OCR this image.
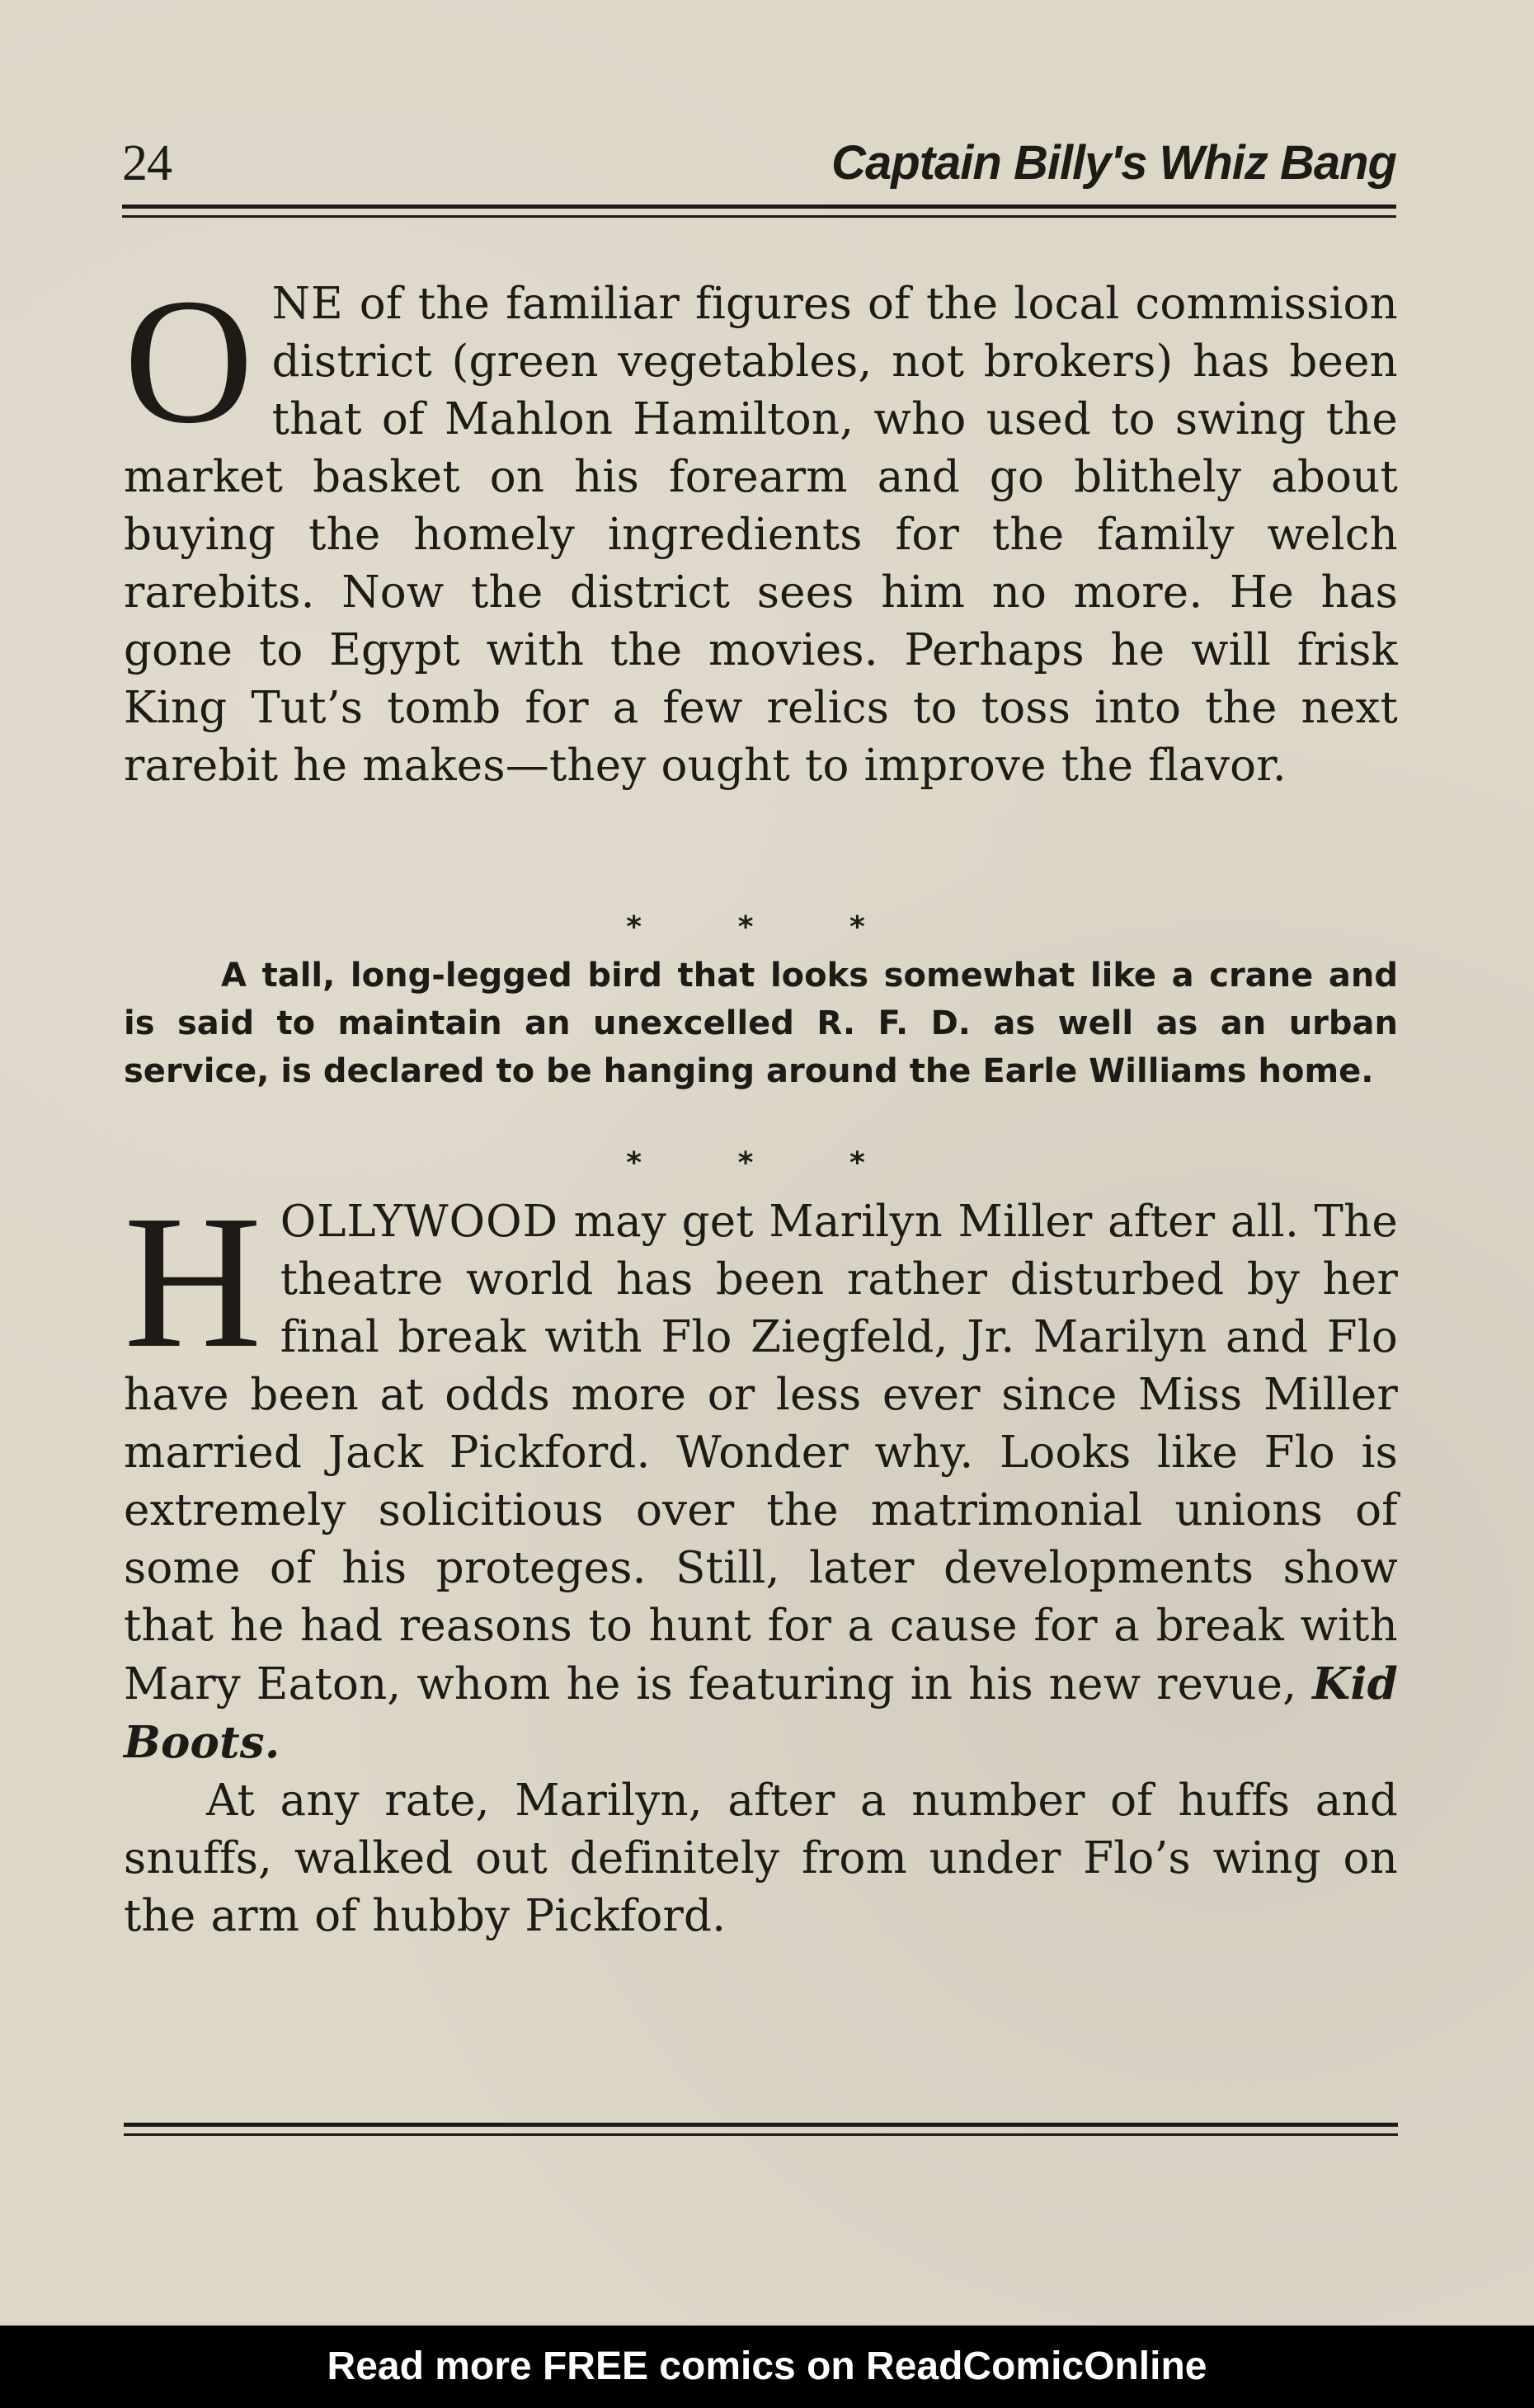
24	Captain Billy's Whiz Bang

ONE of the familiar figures of the local commission district (green vegetables, not brokers) has been that of Mahlon Hamilton, who used to swing the market basket on his forearm and go blithely about buying the homely ingredients for the family welch rarebits. Now the district sees him no more. He has gone to Egypt with the movies. Perhaps he will frisk King Tut’s tomb for a few relics to toss into the next rarebit he makes—they ought to improve the flavor.

* * *

A tall, long-legged bird that looks somewhat like a crane and is said to maintain an unexcelled R. F. D. as well as an urban service, is declared to be hanging around the Earle Williams home.

* * *

HOLLYWOOD may get Marilyn Miller after all. The theatre world has been rather disturbed by her final break with Flo Ziegfeld, Jr. Marilyn and Flo have been at odds more or less ever since Miss Miller married Jack Pickford. Wonder why. Looks like Flo is extremely solicitious over the matrimonial unions of some of his proteges. Still, later developments show that he had reasons to hunt for a cause for a break with Mary Eaton, whom he is featuring in his new revue, Kid Boots.

At any rate, Marilyn, after a number of huffs and snuffs, walked out definitely from under Flo’s wing on the arm of hubby Pickford.

Read more FREE comics on ReadComicOnline
